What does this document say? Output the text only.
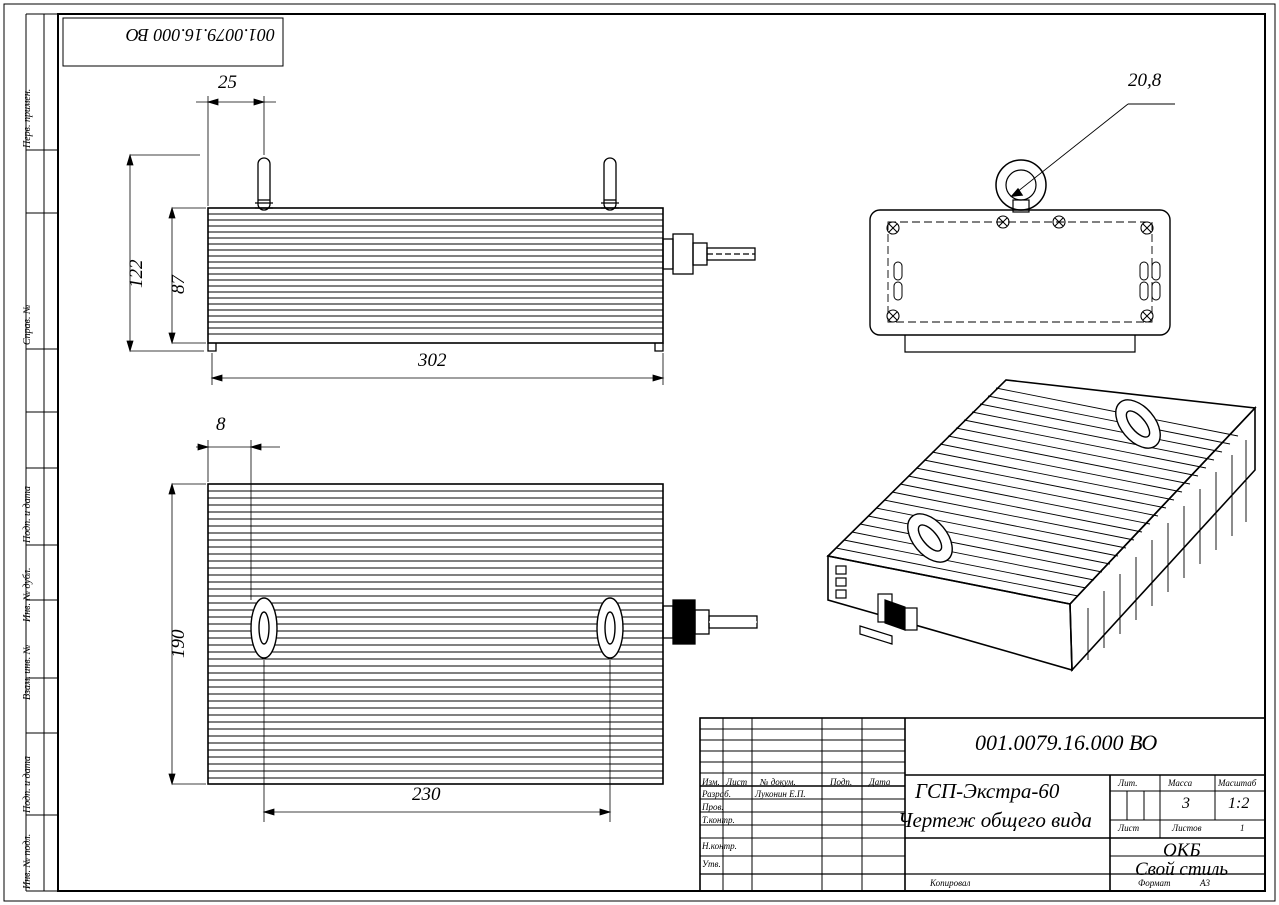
Перв. примен.
Справ. №
Подп. и дата
Инв. № дубл.
Взам. инв. №
Подп. и дата
Инв. № подл.
001.0079.16.000 ВО
25
122 87
302
8
190
230
20,8
Изм. Лист № докум.	Подп. Дата
Разраб.	Луконин Е.П.
Пров.
Т.контр.
Н.контр.
Утв.
001.0079.16.000 ВО
ГСП-Экстра-60
Чертеж общего вида
Лит.	Масса	Масштаб
3 1:2
Лист	Листов	1
ОКБ
Свой стиль
Копировал	Формат	А3
